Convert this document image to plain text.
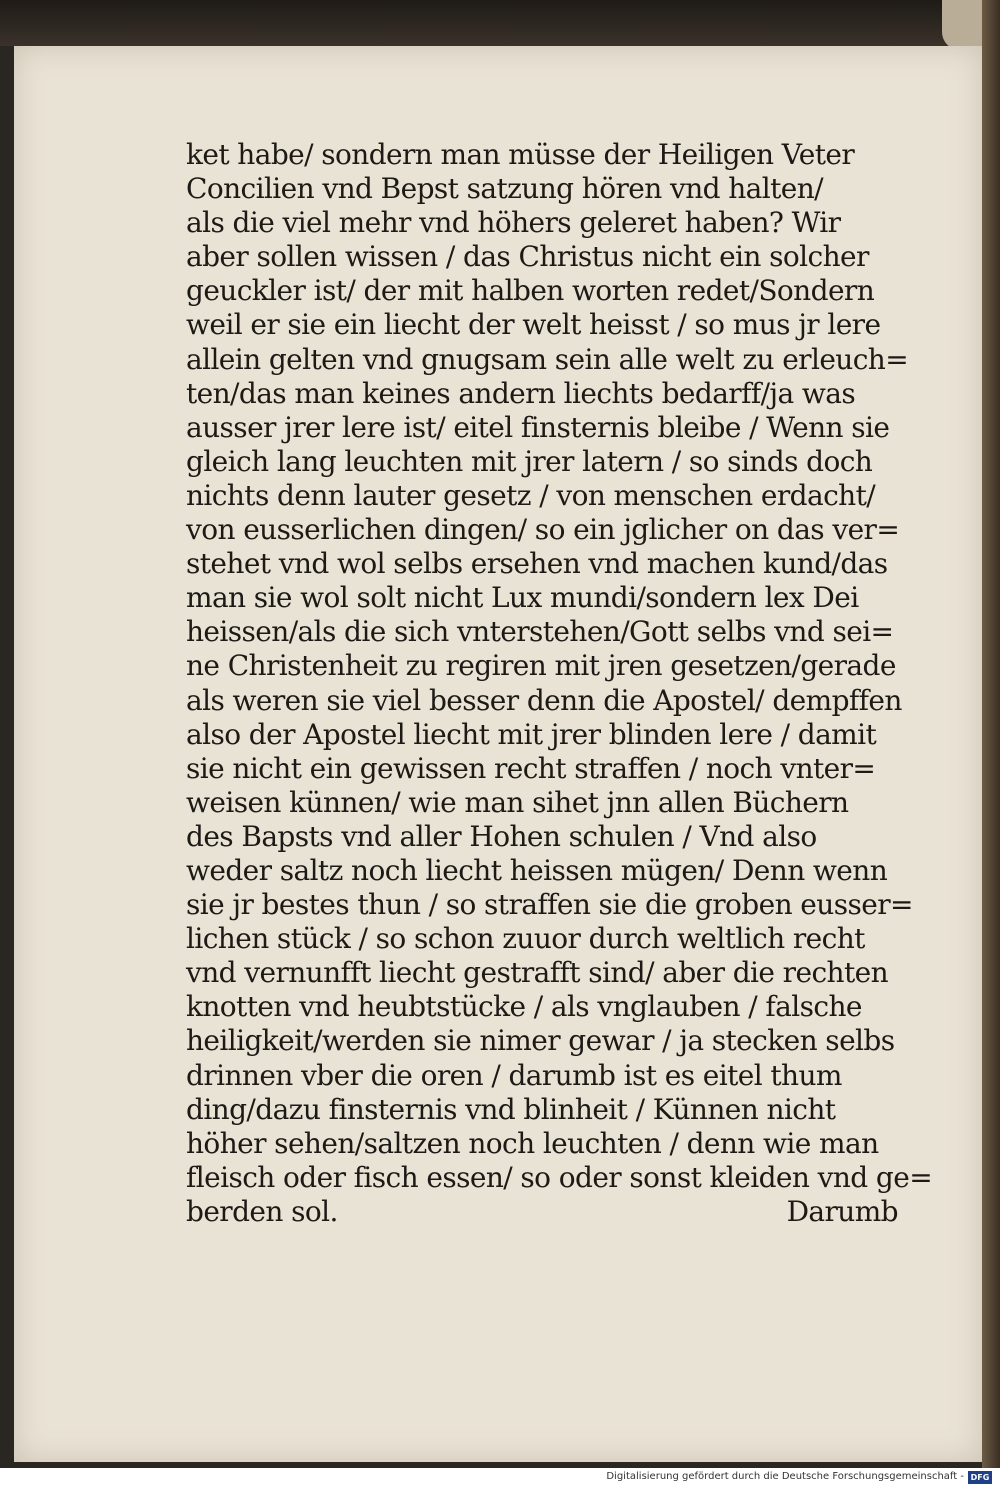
ket habe/ sondern man müsse der Heiligen Veter
Concilien vnd Bepst satzung hören vnd halten/
als die viel mehr vnd höhers geleret haben? Wir
aber sollen wissen / das Christus nicht ein solcher
geuckler ist/ der mit halben worten redet/Sondern
weil er sie ein liecht der welt heisst / so mus jr lere
allein gelten vnd gnugsam sein alle welt zu erleuch=
ten/das man keines andern liechts bedarff/ja was
ausser jrer lere ist/ eitel finsternis bleibe / Wenn sie
gleich lang leuchten mit jrer latern / so sinds doch
nichts denn lauter gesetz / von menschen erdacht/
von eusserlichen dingen/ so ein jglicher on das ver=
stehet vnd wol selbs ersehen vnd machen kund/das
man sie wol solt nicht Lux mundi/sondern lex Dei
heissen/als die sich vnterstehen/Gott selbs vnd sei=
ne Christenheit zu regiren mit jren gesetzen/gerade
als weren sie viel besser denn die Apostel/ dempffen
also der Apostel liecht mit jrer blinden lere / damit
sie nicht ein gewissen recht straffen / noch vnter=
weisen künnen/ wie man sihet jnn allen Büchern
des Bapsts vnd aller Hohen schulen / Vnd also
weder saltz noch liecht heissen mügen/ Denn wenn
sie jr bestes thun / so straffen sie die groben eusser=
lichen stück / so schon zuuor durch weltlich recht
vnd vernunfft liecht gestrafft sind/ aber die rechten
knotten vnd heubtstücke / als vnglauben / falsche
heiligkeit/werden sie nimer gewar / ja stecken selbs
drinnen vber die oren / darumb ist es eitel thum
ding/dazu finsternis vnd blinheit / Künnen nicht
höher sehen/saltzen noch leuchten / denn wie man
fleisch oder fisch essen/ so oder sonst kleiden vnd ge=
berden sol.	Darumb
Digitalisierung gefördert durch die Deutsche Forschungsgemeinschaft - DFG
